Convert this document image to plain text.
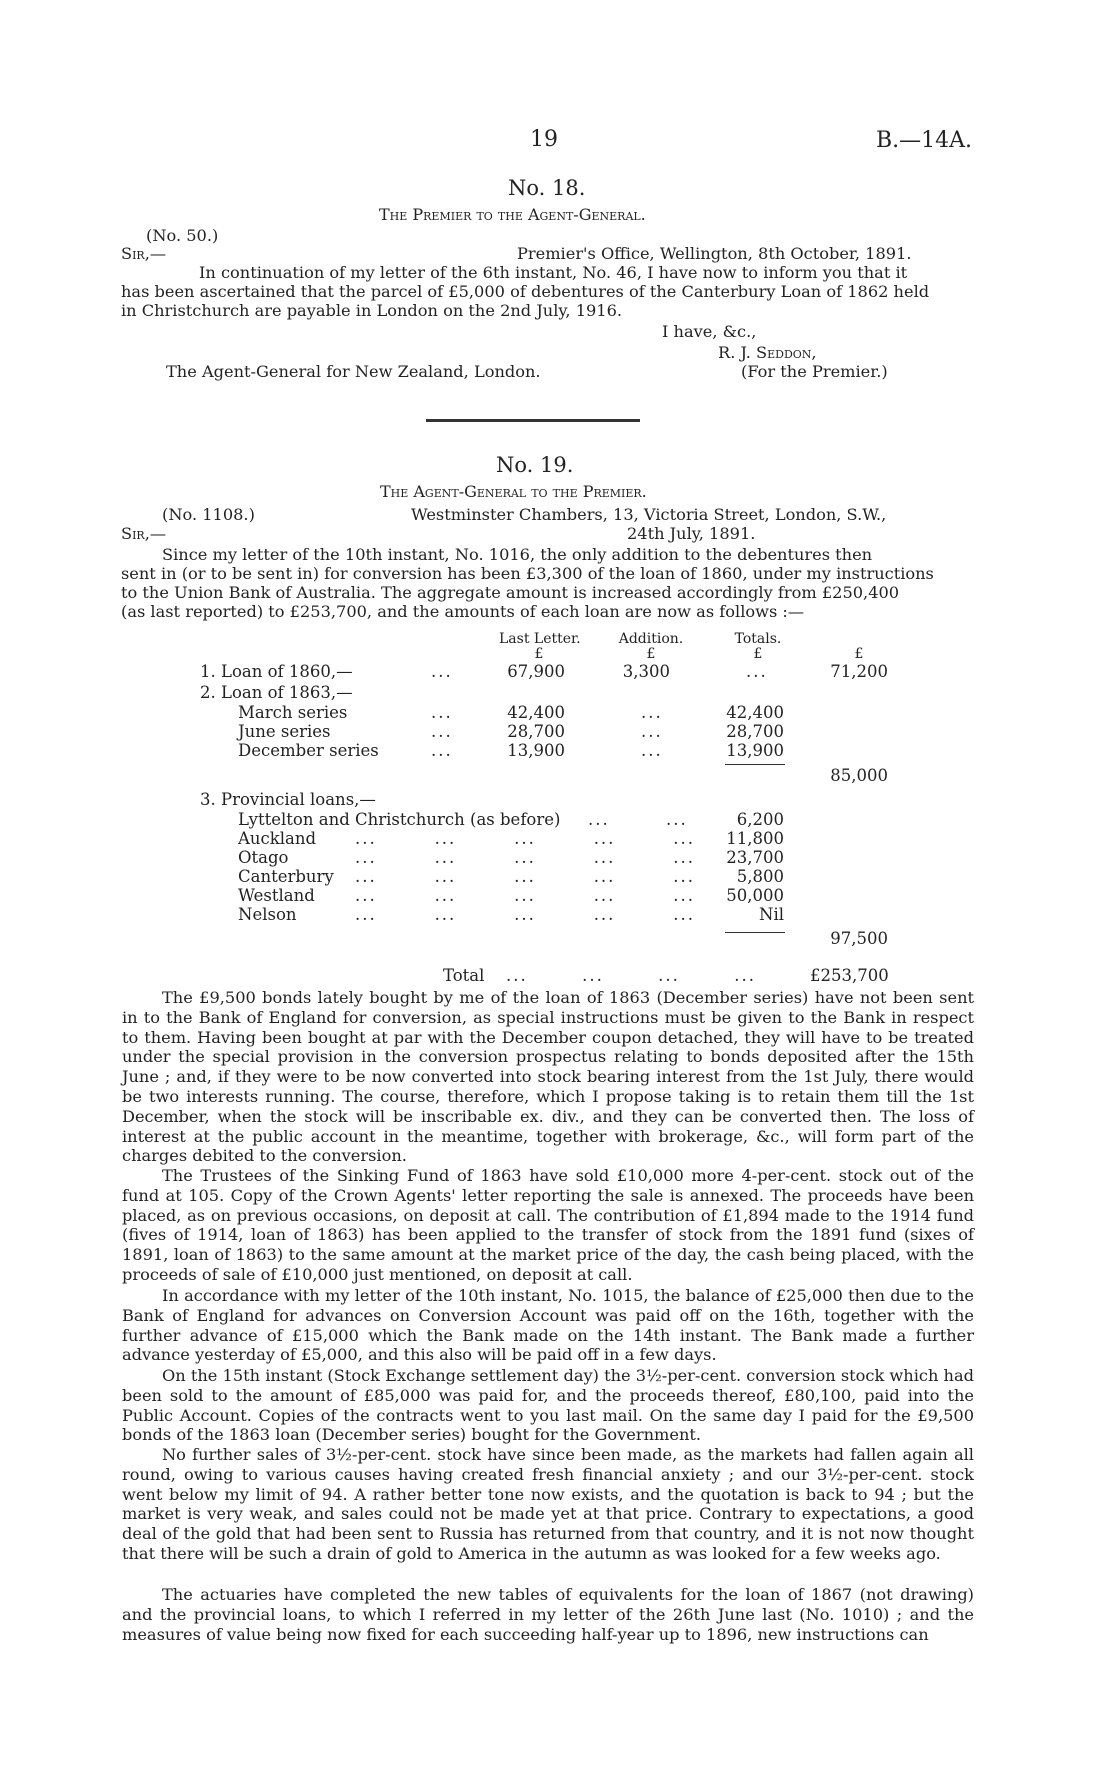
19	B.—14A.
No. 18.
The Premier to the Agent-General.
(No. 50.)
Sir,—	Premier's Office, Wellington, 8th October, 1891.
In continuation of my letter of the 6th instant, No. 46, I have now to inform you that it
has been ascertained that the parcel of £5,000 of debentures of the Canterbury Loan of 1862 held
in Christchurch are payable in London on the 2nd July, 1916.
I have, &c.,
R. J. Seddon,
The Agent-General for New Zealand, London.	(For the Premier.)
No. 19.
The Agent-General to the Premier.
(No. 1108.)	Westminster Chambers, 13, Victoria Street, London, S.W.,
Sir,—	24th July, 1891.
Since my letter of the 10th instant, No. 1016, the only addition to the debentures then
sent in (or to be sent in) for conversion has been £3,300 of the loan of 1860, under my instructions
to the Union Bank of Australia. The aggregate amount is increased accordingly from £250,400
(as last reported) to £253,700, and the amounts of each loan are now as follows :—
Last Letter.	Addition.	Totals.
£	£	£	£
1. Loan of 1860,—	...	67,900	3,300	...	71,200
2. Loan of 1863,—
March series	...	42,400	...	42,400
June series	...	28,700	...	28,700
December series	...	13,900	...	13,900
85,000
3. Provincial loans,—
Lyttelton and Christchurch (as before) ...	...	6,200
Auckland ...	...	...	...	...	11,800
Otago	...	...	...	...	...	23,700
Canterbury ...	...	...	...	...	5,800
Westland ...	...	...	...	...	50,000
Nelson	...	...	...	...	...	Nil
97,500
Total ...	...	...	...	£253,700
The £9,500 bonds lately bought by me of the loan of 1863 (December series) have not been sent in to the Bank of England for conversion, as special instructions must be given to the Bank in respect to them. Having been bought at par with the December coupon detached, they will have to be treated under the special provision in the conversion prospectus relating to bonds deposited after the 15th June ; and, if they were to be now converted into stock bearing interest from the 1st July, there would be two interests running. The course, therefore, which I propose taking is to retain them till the 1st December, when the stock will be inscribable ex. div., and they can be converted then. The loss of interest at the public account in the meantime, together with brokerage, &c., will form part of the charges debited to the conversion.
The Trustees of the Sinking Fund of 1863 have sold £10,000 more 4-per-cent. stock out of the fund at 105. Copy of the Crown Agents' letter reporting the sale is annexed. The proceeds have been placed, as on previous occasions, on deposit at call. The contribution of £1,894 made to the 1914 fund (fives of 1914, loan of 1863) has been applied to the transfer of stock from the 1891 fund (sixes of 1891, loan of 1863) to the same amount at the market price of the day, the cash being placed, with the proceeds of sale of £10,000 just mentioned, on deposit at call.
In accordance with my letter of the 10th instant, No. 1015, the balance of £25,000 then due to the Bank of England for advances on Conversion Account was paid off on the 16th, together with the further advance of £15,000 which the Bank made on the 14th instant. The Bank made a further advance yesterday of £5,000, and this also will be paid off in a few days.
On the 15th instant (Stock Exchange settlement day) the 3½-per-cent. conversion stock which had been sold to the amount of £85,000 was paid for, and the proceeds thereof, £80,100, paid into the Public Account. Copies of the contracts went to you last mail. On the same day I paid for the £9,500 bonds of the 1863 loan (December series) bought for the Government.
No further sales of 3½-per-cent. stock have since been made, as the markets had fallen again all round, owing to various causes having created fresh financial anxiety ; and our 3½-per-cent. stock went below my limit of 94. A rather better tone now exists, and the quotation is back to 94 ; but the market is very weak, and sales could not be made yet at that price. Contrary to expectations, a good deal of the gold that had been sent to Russia has returned from that country, and it is not now thought that there will be such a drain of gold to America in the autumn as was looked for a few weeks ago.
The actuaries have completed the new tables of equivalents for the loan of 1867 (not drawing) and the provincial loans, to which I referred in my letter of the 26th June last (No. 1010) ; and the measures of value being now fixed for each succeeding half-year up to 1896, new instructions can
